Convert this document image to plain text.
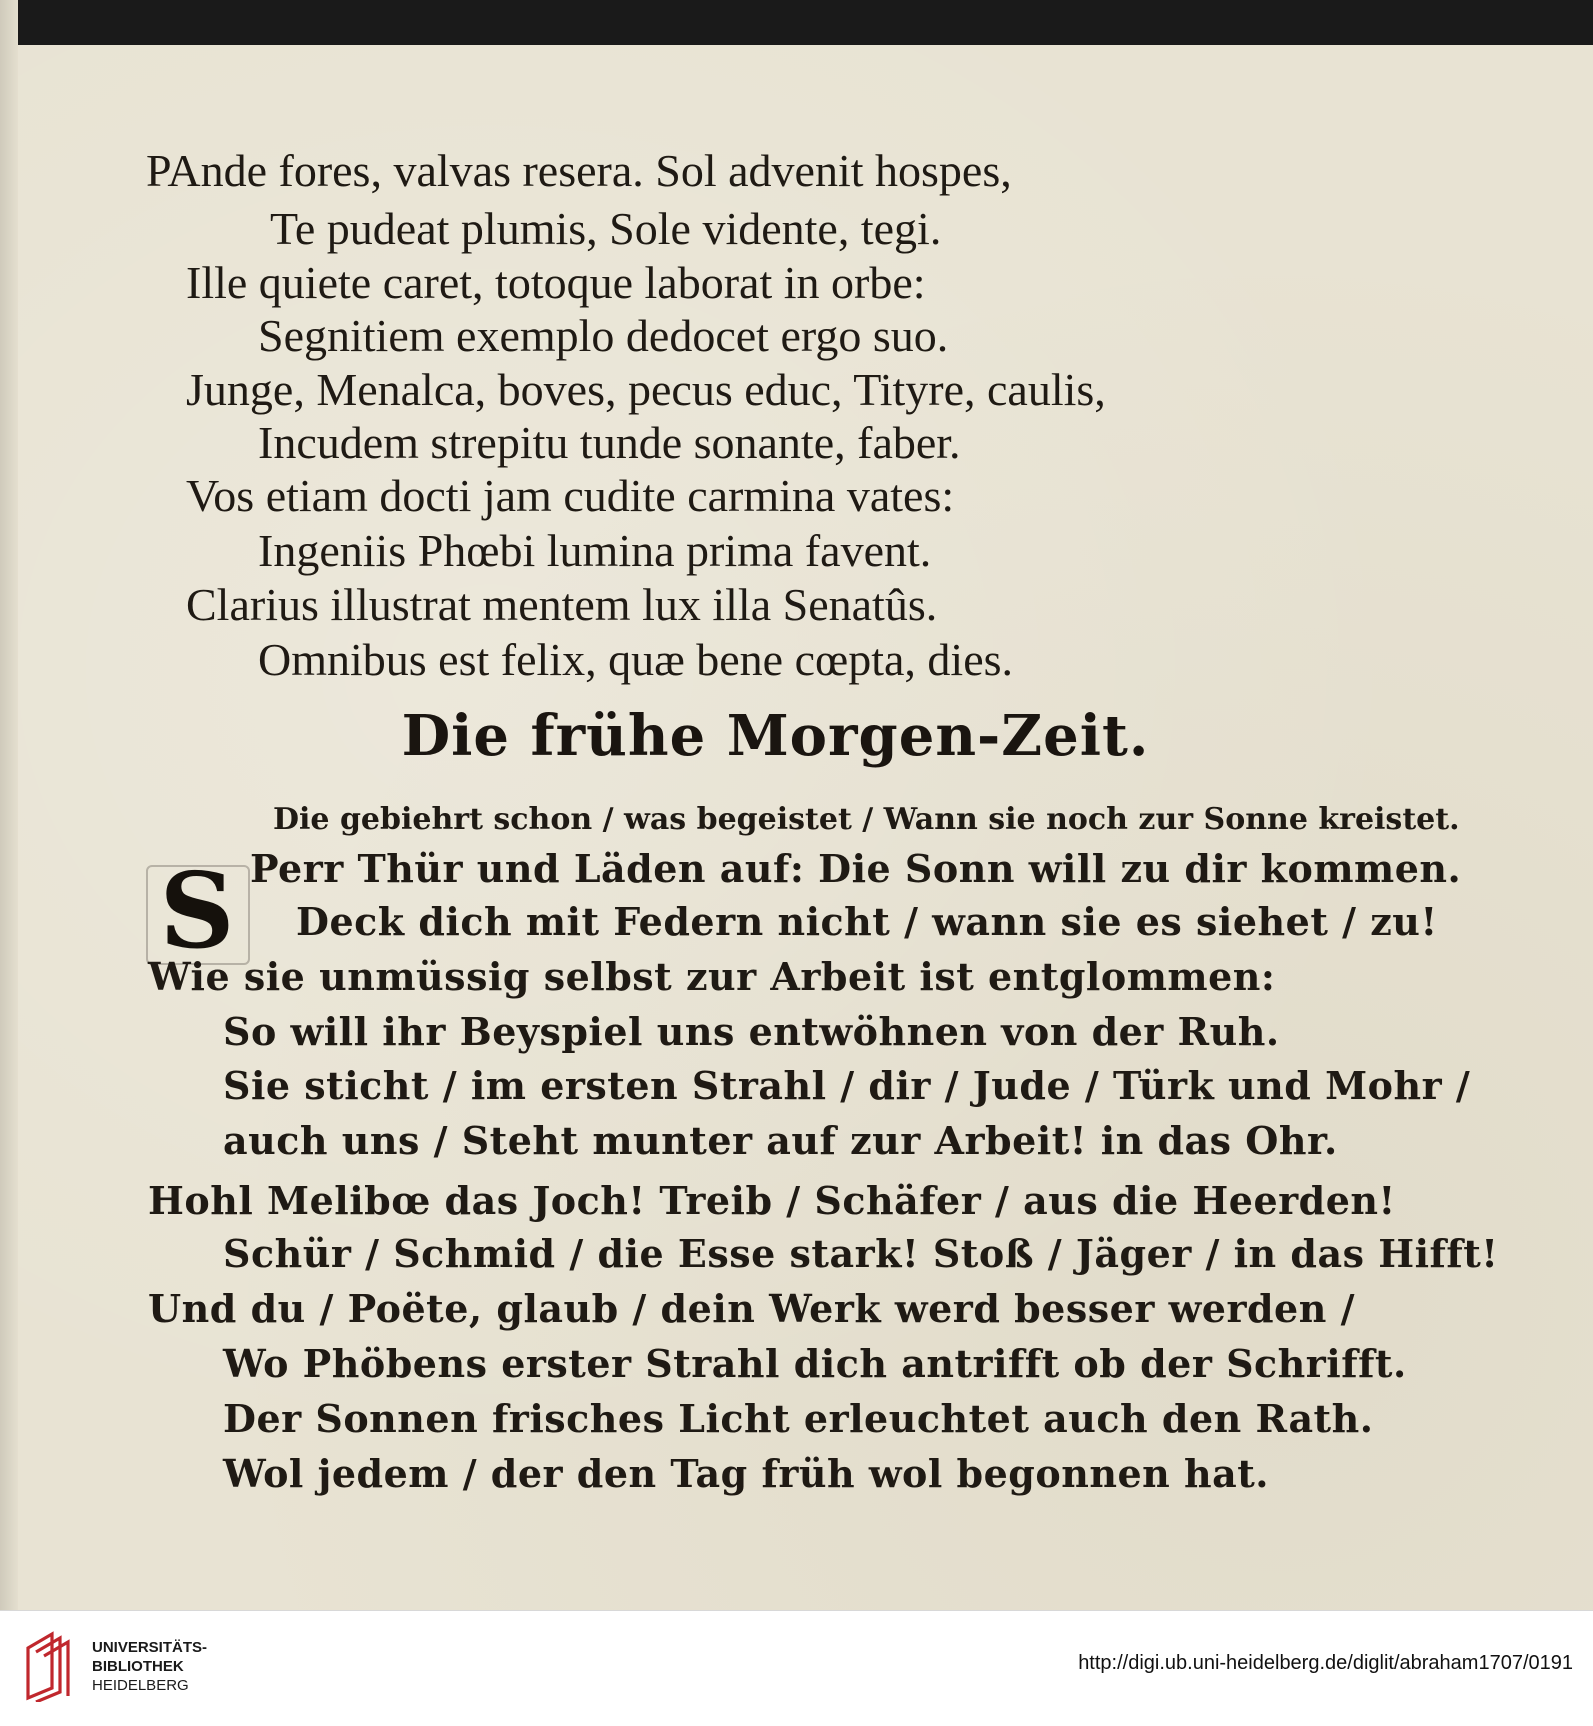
PAnde fores, valvas resera. Sol advenit hospes,
Te pudeat plumis, Sole vidente, tegi.
Ille quiete caret, totoque laborat in orbe:
Segnitiem exemplo dedocet ergo suo.
Junge, Menalca, boves, pecus educ, Tityre, caulis,
Incudem strepitu tunde sonante, faber.
Vos etiam docti jam cudite carmina vates:
Ingeniis Phœbi lumina prima favent.
Clarius illustrat mentem lux illa Senatûs.
Omnibus est felix, quæ bene cœpta, dies.
Die frühe Morgen-Zeit.
Die gebiehrt schon / was begeistet / Wann sie noch zur Sonne kreistet.
S Perr Thür und Läden auf: Die Sonn will zu dir kommen.
Deck dich mit Federn nicht / wann sie es siehet / zu!
Wie sie unmüssig selbst zur Arbeit ist entglommen:
So will ihr Beyspiel uns entwöhnen von der Ruh.
Sie sticht / im ersten Strahl / dir / Jude / Türk und Mohr /
auch uns / Steht munter auf zur Arbeit! in das Ohr.
Hohl Melibœ das Joch! Treib / Schäfer / aus die Heerden!
Schür / Schmid / die Esse stark! Stoß / Jäger / in das Hifft!
Und du / Poëte, glaub / dein Werk werd besser werden /
Wo Phöbens erster Strahl dich antrifft ob der Schrifft.
Der Sonnen frisches Licht erleuchtet auch den Rath.
Wol jedem / der den Tag früh wol begonnen hat.
UNIVERSITÄTS-
BIBLIOTHEK
HEIDELBERG
http://digi.ub.uni-heidelberg.de/diglit/abraham1707/0191
